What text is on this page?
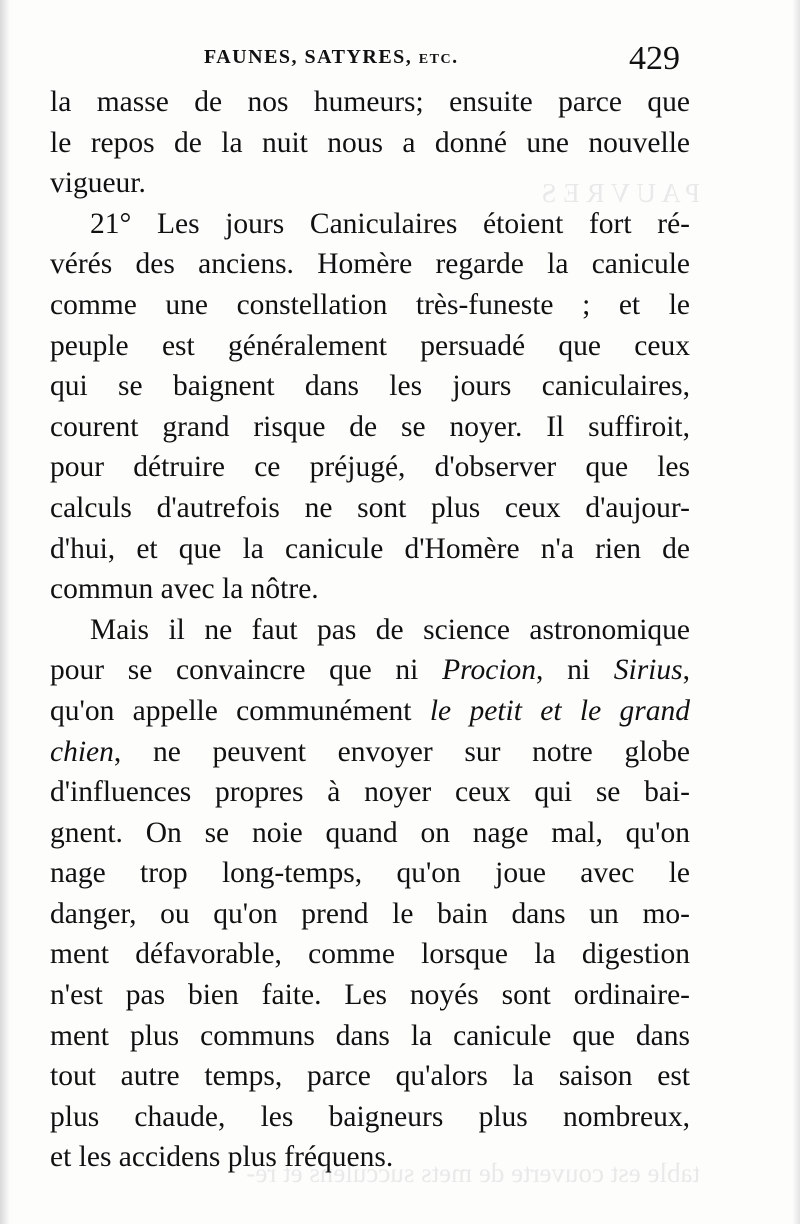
P A U V R E S
table est couverte de mets succulens et re-
FAUNES, SATYRES, etc.	429
la masse de nos humeurs; ensuite parce que
le repos de la nuit nous a donné une nouvelle
vigueur.
21° Les jours Caniculaires étoient fort ré-
vérés des anciens. Homère regarde la canicule
comme une constellation très-funeste ; et le
peuple est généralement persuadé que ceux
qui se baignent dans les jours caniculaires,
courent grand risque de se noyer. Il suffiroit,
pour détruire ce préjugé, d'observer que les
calculs d'autrefois ne sont plus ceux d'aujour-
d'hui, et que la canicule d'Homère n'a rien de
commun avec la nôtre.
Mais il ne faut pas de science astronomique
pour se convaincre que ni Procion, ni Sirius,
qu'on appelle communément le petit et le grand
chien, ne peuvent envoyer sur notre globe
d'influences propres à noyer ceux qui se bai-
gnent. On se noie quand on nage mal, qu'on
nage trop long-temps, qu'on joue avec le
danger, ou qu'on prend le bain dans un mo-
ment défavorable, comme lorsque la digestion
n'est pas bien faite. Les noyés sont ordinaire-
ment plus communs dans la canicule que dans
tout autre temps, parce qu'alors la saison est
plus chaude, les baigneurs plus nombreux,
et les accidens plus fréquens.
